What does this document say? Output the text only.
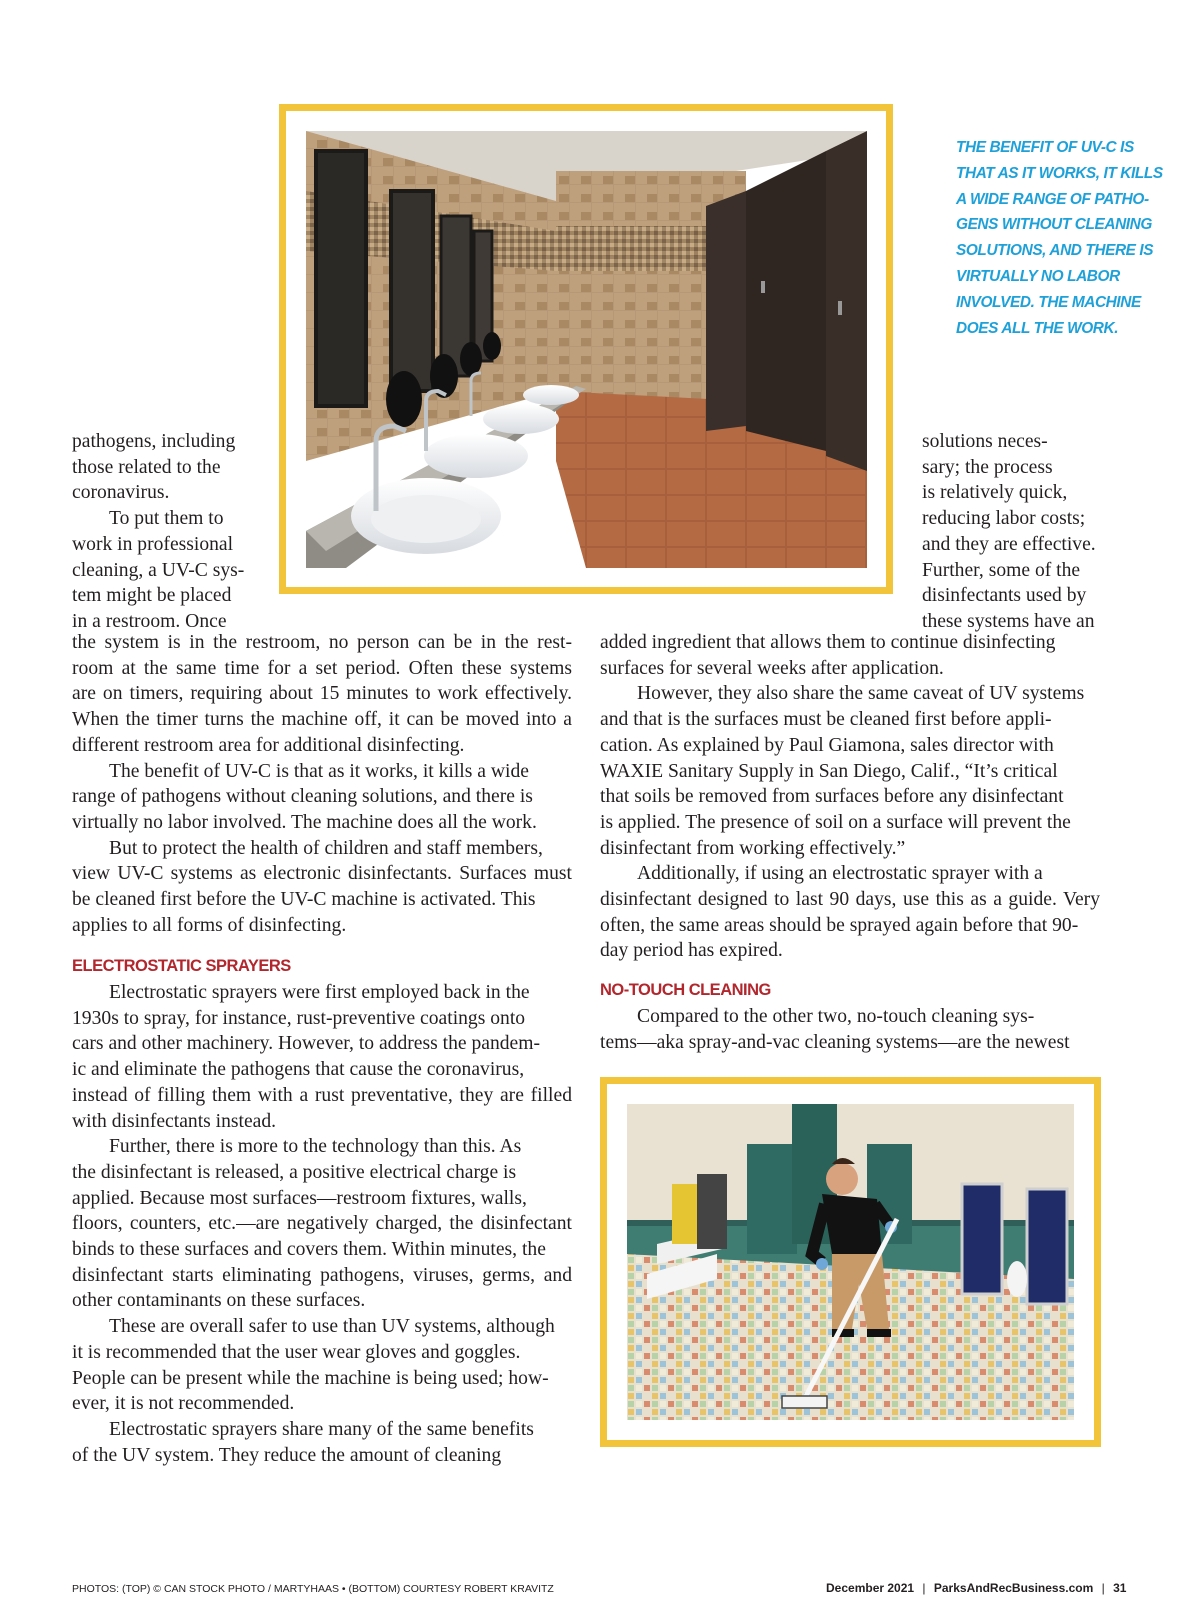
THE BENEFIT OF UV-C IS
THAT AS IT WORKS, IT KILLS
A WIDE RANGE OF PATHO-
GENS WITHOUT CLEANING
SOLUTIONS, AND THERE IS
VIRTUALLY NO LABOR
INVOLVED. THE MACHINE
DOES ALL THE WORK.
pathogens, including
those related to the
coronavirus.
To put them to
work in professional
cleaning, a UV-C sys-
tem might be placed
in a restroom. Once
solutions neces-
sary; the process
is relatively quick,
reducing labor costs;
and they are effective.
Further, some of the
disinfectants used by
these systems have an
the system is in the restroom, no person can be in the rest-
room at the same time for a set period. Often these systems
are on timers, requiring about 15 minutes to work effectively.
When the timer turns the machine off, it can be moved into a
different restroom area for additional disinfecting.
The benefit of UV-C is that as it works, it kills a wide
range of pathogens without cleaning solutions, and there is
virtually no labor involved. The machine does all the work.
But to protect the health of children and staff members,
view UV-C systems as electronic disinfectants. Surfaces must
be cleaned first before the UV-C machine is activated. This
applies to all forms of disinfecting.
ELECTROSTATIC SPRAYERS
Electrostatic sprayers were first employed back in the
1930s to spray, for instance, rust-preventive coatings onto
cars and other machinery. However, to address the pandem-
ic and eliminate the pathogens that cause the coronavirus,
instead of filling them with a rust preventative, they are filled
with disinfectants instead.
Further, there is more to the technology than this. As
the disinfectant is released, a positive electrical charge is
applied. Because most surfaces—restroom fixtures, walls,
floors, counters, etc.—are negatively charged, the disinfectant
binds to these surfaces and covers them. Within minutes, the
disinfectant starts eliminating pathogens, viruses, germs, and
other contaminants on these surfaces.
These are overall safer to use than UV systems, although
it is recommended that the user wear gloves and goggles.
People can be present while the machine is being used; how-
ever, it is not recommended.
Electrostatic sprayers share many of the same benefits
of the UV system. They reduce the amount of cleaning
added ingredient that allows them to continue disinfecting
surfaces for several weeks after application.
However, they also share the same caveat of UV systems
and that is the surfaces must be cleaned first before appli-
cation. As explained by Paul Giamona, sales director with
WAXIE Sanitary Supply in San Diego, Calif., “It’s critical
that soils be removed from surfaces before any disinfectant
is applied. The presence of soil on a surface will prevent the
disinfectant from working effectively.”
Additionally, if using an electrostatic sprayer with a
disinfectant designed to last 90 days, use this as a guide. Very
often, the same areas should be sprayed again before that 90-
day period has expired.
NO-TOUCH CLEANING
Compared to the other two, no-touch cleaning sys-
tems—aka spray-and-vac cleaning systems—are the newest
PHOTOS: (TOP) © CAN STOCK PHOTO / MARTYHAAS • (BOTTOM) COURTESY ROBERT KRAVITZ	December 2021 | ParksAndRecBusiness.com | 31
